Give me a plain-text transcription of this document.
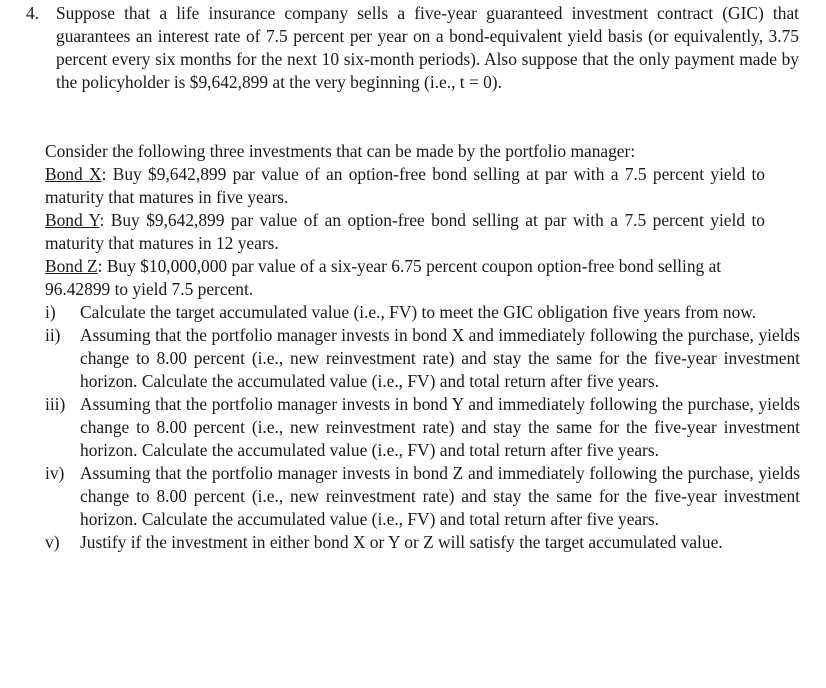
4. Suppose that a life insurance company sells a five-year guaranteed investment contract (GIC) that guarantees an interest rate of 7.5 percent per year on a bond-equivalent yield basis (or equivalently, 3.75 percent every six months for the next 10 six-month periods). Also suppose that the only payment made by the policyholder is $9,642,899 at the very beginning (i.e., t = 0).

Consider the following three investments that can be made by the portfolio manager:

Bond X: Buy $9,642,899 par value of an option-free bond selling at par with a 7.5 percent yield to maturity that matures in five years.

Bond Y: Buy $9,642,899 par value of an option-free bond selling at par with a 7.5 percent yield to maturity that matures in 12 years.

Bond Z: Buy $10,000,000 par value of a six-year 6.75 percent coupon option-free bond selling at 96.42899 to yield 7.5 percent.

i)	Calculate the target accumulated value (i.e., FV) to meet the GIC obligation five years from now.
ii)	Assuming that the portfolio manager invests in bond X and immediately following the purchase, yields change to 8.00 percent (i.e., new reinvestment rate) and stay the same for the five-year investment horizon. Calculate the accumulated value (i.e., FV) and total return after five years.
iii) Assuming that the portfolio manager invests in bond Y and immediately following the purchase, yields change to 8.00 percent (i.e., new reinvestment rate) and stay the same for the five-year investment horizon. Calculate the accumulated value (i.e., FV) and total return after five years.
iv) Assuming that the portfolio manager invests in bond Z and immediately following the purchase, yields change to 8.00 percent (i.e., new reinvestment rate) and stay the same for the five-year investment horizon. Calculate the accumulated value (i.e., FV) and total return after five years.
v)	Justify if the investment in either bond X or Y or Z will satisfy the target accumulated value.
